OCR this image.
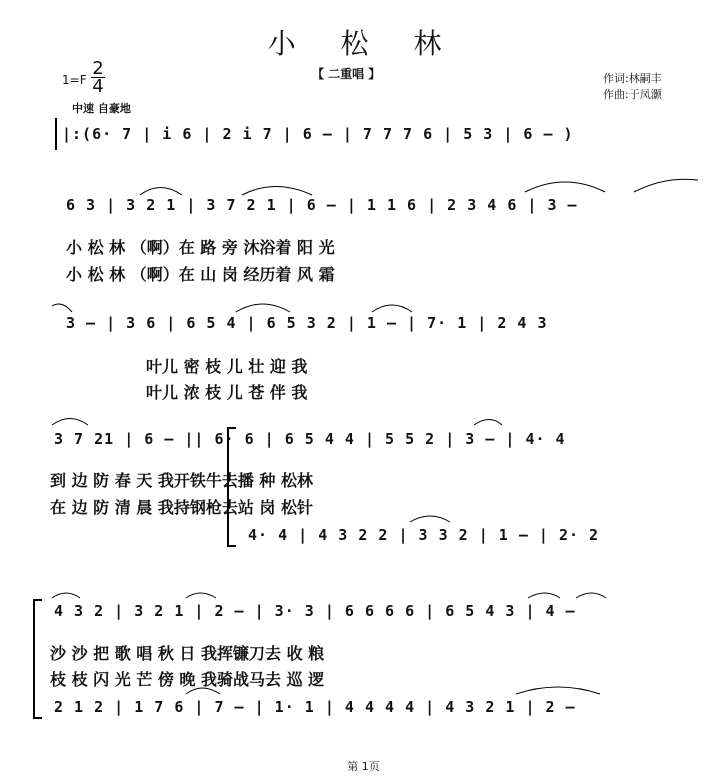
小 松 林
【 二重唱 】	作词:林嗣丰
作曲:于凤灏
$1=F \frac{2}{4}$
中速 自豪地
|:(6· 7 | i 6 | 2 i 7 | 6 – | 7 7 7 6 | 5 3 | 6 – )
6 3 | 3 2 1 | 3 7 2 1 | 6 – | 1 1 6 | 2 3 4 6 | 3 –
小 松 林 （啊）在 路 旁 沐浴着 阳 光
小 松 林 （啊）在 山 岗 经历着 风 霜
3 – | 3 6 | 6 5 4 | 6 5 3 2 | 1 – | 7· 1 | 2 4 3
叶儿 密 枝 儿 壮 迎 我
叶儿 浓 枝 儿 苍 伴 我
3 7 21 | 6 – || 6· 6 | 6 5 4 4 | 5 5 2 | 3 – | 4· 4
到 边 防 春 天 我开铁牛去播 种 松林
在 边 防 清 晨 我持钢枪去站 岗 松针
4· 4 | 4 3 2 2 | 3 3 2 | 1 – | 2· 2
4 3 2 | 3 2 1 | 2 – | 3· 3 | 6 6 6 6 | 6 5 4 3 | 4 –
沙 沙 把 歌 唱 秋 日 我挥镰刀去 收 粮
枝 枝 闪 光 芒 傍 晚 我骑战马去 巡 逻
2 1 2 | 1 7 6 | 7 – | 1· 1 | 4 4 4 4 | 4 3 2 1 | 2 –
第 1页
